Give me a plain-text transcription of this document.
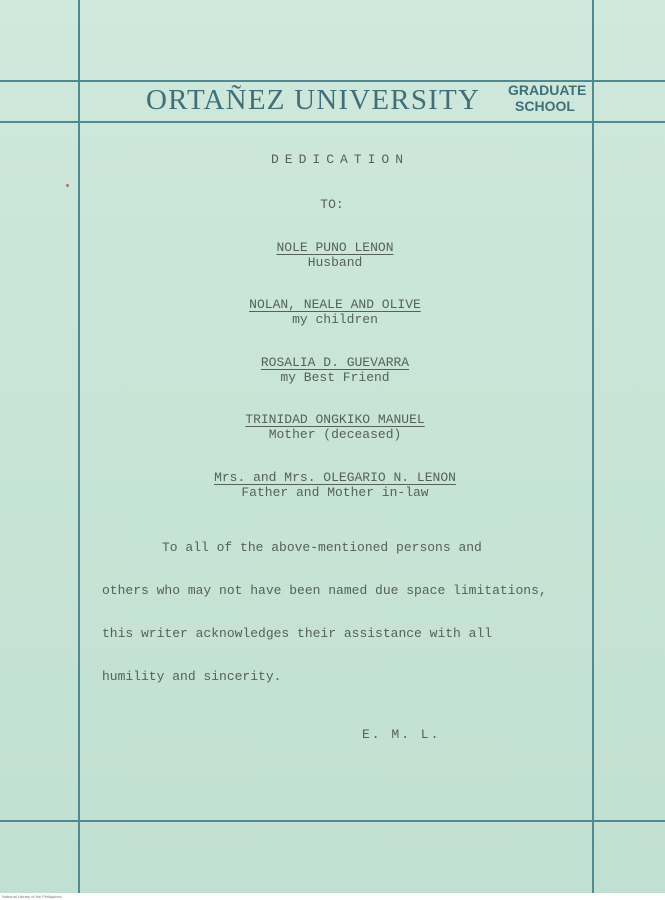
ORTAÑEZ UNIVERSITY GRADUATE
SCHOOL
DEDICATION
TO:
NOLE PUNO LENON
Husband
NOLAN, NEALE AND OLIVE
my children
ROSALIA D. GUEVARRA
my Best Friend
TRINIDAD ONGKIKO MANUEL
Mother (deceased)
Mrs. and Mrs. OLEGARIO N. LENON
Father and Mother in-law
To all of the above-mentioned persons and
others who may not have been named due space limitations,
this writer acknowledges their assistance with all
humility and sincerity.
E. M. L.
National Library of the Philippines
